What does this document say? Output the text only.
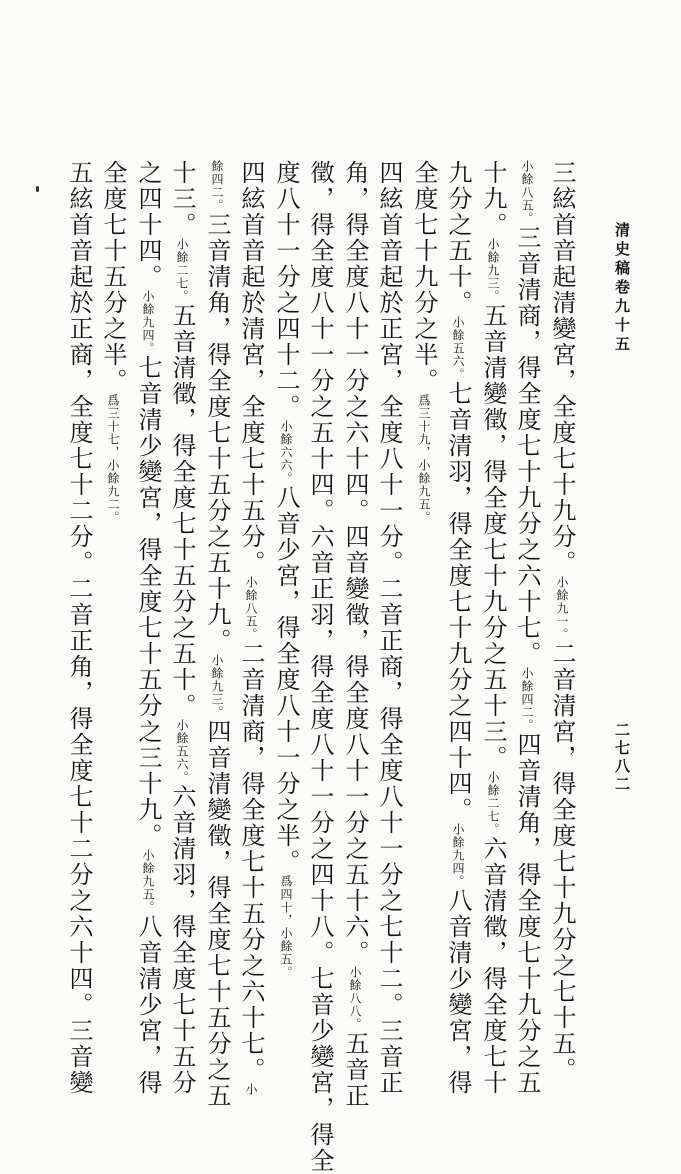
清史稿卷九十五
二七八二
三絃首音起清變宮，全度七十九分。小餘九一。二音清宮，得全度七十九分之七十五。
小餘八五。三音清商，得全度七十九分之六十七。小餘四二。四音清角，得全度七十九分之五
十九。小餘九三。五音清變徵，得全度七十九分之五十三。小餘二七。六音清徵，得全度七十
九分之五十。小餘五六。七音清羽，得全度七十九分之四十四。小餘九四。八音清少變宮，得
全度七十九分之半。爲三十九，小餘九五。
四絃首音起於正宮，全度八十一分。二音正商，得全度八十一分之七十二。三音正
角，得全度八十一分之六十四。四音變徵，得全度八十一分之五十六。小餘八八。五音正
徵，得全度八十一分之五十四。六音正羽，得全度八十一分之四十八。七音少變宮，得全
度八十一分之四十二。小餘六六。八音少宮，得全度八十一分之半。爲四十，小餘五。
四絃首音起於清宮，全度七十五分。小餘八五。二音清商，得全度七十五分之六十七。小
餘四二。三音清角，得全度七十五分之五十九。小餘九三。四音清變徵，得全度七十五分之五
十三。小餘二七。五音清徵，得全度七十五分之五十。小餘五六。六音清羽，得全度七十五分
之四十四。小餘九四。七音清少變宮，得全度七十五分之三十九。小餘九五。八音清少宮，得
全度七十五分之半。爲三十七，小餘九二。
五絃首音起於正商，全度七十二分。二音正角，得全度七十二分之六十四。三音變
